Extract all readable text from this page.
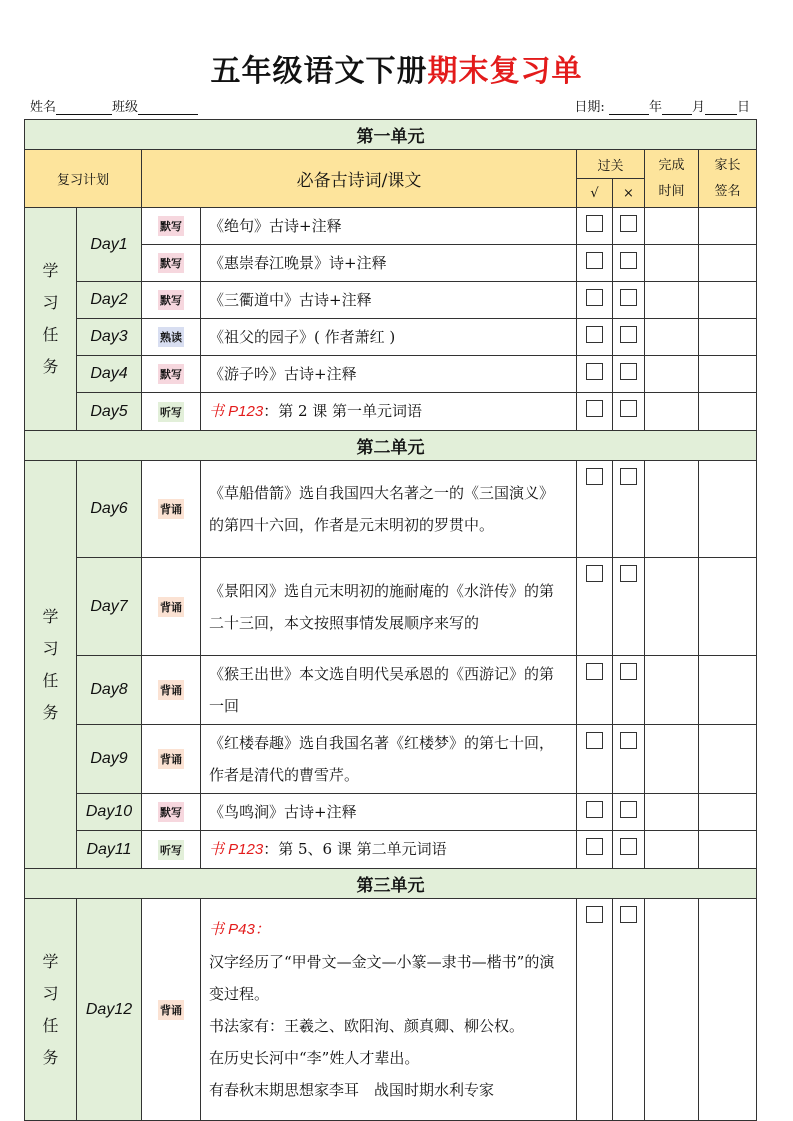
五年级语文下册期末复习单
姓名	班级	日期:	年 月 日
第一单元							
复习计划		必备古诗词/课文		过关		完成时间	家长签名
				√	×		

学习任务	Day1	默写	《绝句》古诗+注释				
		默写	《惠崇春江晚景》诗+注释				
	Day2	默写	《三衢道中》古诗+注释				
	Day3	熟读	《祖父的园子》( 作者萧红 )				
	Day4	默写	《游子吟》古诗+注释				
	Day5	听写	书 P123：第 2 课 第一单元词语				
第二单元							

学习任务	Day6	背诵	《草船借箭》选自我国四大名著之一的《三国演义》的第四十六回，作者是元末明初的罗贯中。				
	Day7	背诵	《景阳冈》选自元末明初的施耐庵的《水浒传》的第二十三回，本文按照事情发展顺序来写的				
	Day8	背诵	《猴王出世》本文选自明代吴承恩的《西游记》的第一回				
	Day9	背诵	《红楼春趣》选自我国名著《红楼梦》的第七十回，作者是清代的曹雪芹。				
	Day10	默写	《鸟鸣涧》古诗+注释				
	Day11	听写	书 P123：第 5、6 课 第二单元词语				
第三单元							

学习任务	Day12	背诵	书 P43：
汉字经历了“甲骨文—金文—小篆—隶书—楷书”的演变过程。
书法家有：王羲之、欧阳洵、颜真卿、柳公权。
在历史长河中“李”姓人才辈出。
有春秋末期思想家李耳　战国时期水利专家				
